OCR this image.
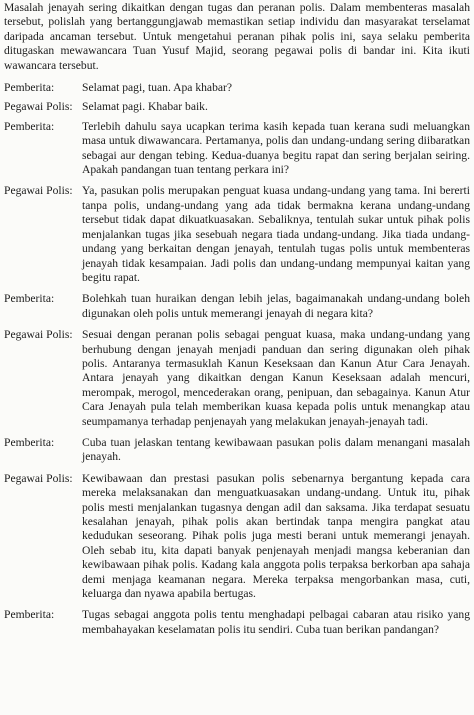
Masalah jenayah sering dikaitkan dengan tugas dan peranan polis. Dalam membenteras masalah tersebut, polislah yang bertanggungjawab memastikan setiap individu dan masyarakat terselamat daripada ancaman tersebut. Untuk mengetahui peranan pihak polis ini, saya selaku pemberita ditugaskan mewawancara Tuan Yusuf Majid, seorang pegawai polis di bandar ini. Kita ikuti wawancara tersebut.

Pemberita:	Selamat pagi, tuan. Apa khabar?
Pegawai Polis: Selamat pagi. Khabar baik.
Pemberita:	Terlebih dahulu saya ucapkan terima kasih kepada tuan kerana sudi meluangkan masa untuk diwawancara. Pertamanya, polis dan undang-undang sering diibaratkan sebagai aur dengan tebing. Kedua-duanya begitu rapat dan sering berjalan seiring. Apakah pandangan tuan tentang perkara ini?
Pegawai Polis: Ya, pasukan polis merupakan penguat kuasa undang-undang yang tama. Ini bererti tanpa polis, undang-undang yang ada tidak bermakna kerana undang-undang tersebut tidak dapat dikuatkuasakan. Sebaliknya, tentulah sukar untuk pihak polis menjalankan tugas jika sesebuah negara tiada undang-undang. Jika tiada undang-undang yang berkaitan dengan jenayah, tentulah tugas polis untuk membenteras jenayah tidak kesampaian. Jadi polis dan undang-undang mempunyai kaitan yang begitu rapat.
Pemberita:	Bolehkah tuan huraikan dengan lebih jelas, bagaimanakah undang-undang boleh digunakan oleh polis untuk memerangi jenayah di negara kita?
Pegawai Polis: Sesuai dengan peranan polis sebagai penguat kuasa, maka undang-undang yang berhubung dengan jenayah menjadi panduan dan sering digunakan oleh pihak polis. Antaranya termasuklah Kanun Keseksaan dan Kanun Atur Cara Jenayah. Antara jenayah yang dikaitkan dengan Kanun Keseksaan adalah mencuri, merompak, merogol, mencederakan orang, penipuan, dan sebagainya. Kanun Atur Cara Jenayah pula telah memberikan kuasa kepada polis untuk menangkap atau seumpamanya terhadap penjenayah yang melakukan jenayah-jenayah tadi.
Pemberita:	Cuba tuan jelaskan tentang kewibawaan pasukan polis dalam menangani masalah jenayah.
Pegawai Polis: Kewibawaan dan prestasi pasukan polis sebenarnya bergantung kepada cara mereka melaksanakan dan menguatkuasakan undang-undang. Untuk itu, pihak polis mesti menjalankan tugasnya dengan adil dan saksama. Jika terdapat sesuatu kesalahan jenayah, pihak polis akan bertindak tanpa mengira pangkat atau kedudukan seseorang. Pihak polis juga mesti berani untuk memerangi jenayah. Oleh sebab itu, kita dapati banyak penjenayah menjadi mangsa keberanian dan kewibawaan pihak polis. Kadang kala anggota polis terpaksa berkorban apa sahaja demi menjaga keamanan negara. Mereka terpaksa mengorbankan masa, cuti, keluarga dan nyawa apabila bertugas.
Pemberita:	Tugas sebagai anggota polis tentu menghadapi pelbagai cabaran atau risiko yang membahayakan keselamatan polis itu sendiri. Cuba tuan berikan pandangan?
